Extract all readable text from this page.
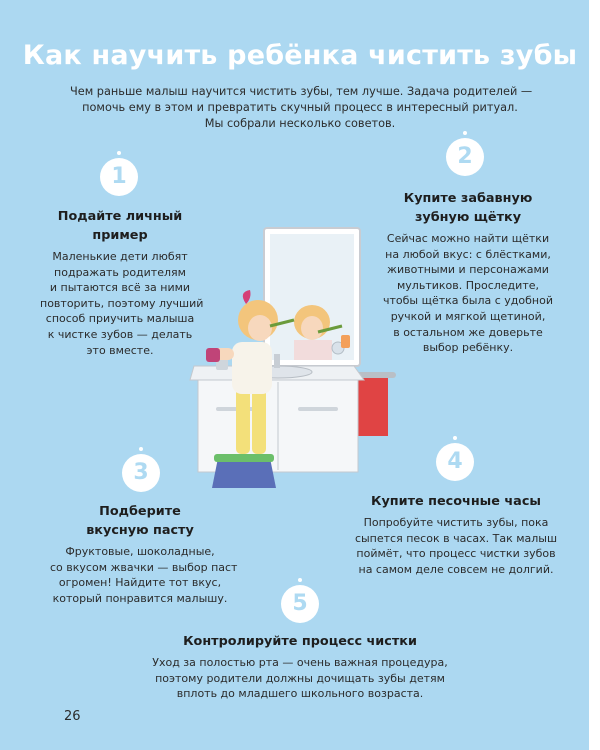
Как научить ребёнка чистить зубы
Чем раньше малыш научится чистить зубы, тем лучше. Задача родителей —
помочь ему в этом и превратить скучный процесс в интересный ритуал.
Мы собрали несколько советов.
1
Подайте личный
пример
Маленькие дети любят
подражать родителям
и пытаются всё за ними
повторить, поэтому лучший
способ приучить малыша
к чистке зубов — делать
это вместе.
2
Купите забавную
зубную щётку
Сейчас можно найти щётки
на любой вкус: с блёстками,
животными и персонажами
мультиков. Проследите,
чтобы щётка была с удобной
ручкой и мягкой щетиной,
в остальном же доверьте
выбор ребёнку.
3
Подберите
вкусную пасту
Фруктовые, шоколадные,
со вкусом жвачки — выбор паст
огромен! Найдите тот вкус,
который понравится малышу.
4
Купите песочные часы
Попробуйте чистить зубы, пока
сыпется песок в часах. Так малыш
поймёт, что процесс чистки зубов
на самом деле совсем не долгий.
5
Контролируйте процесс чистки
Уход за полостью рта — очень важная процедура,
поэтому родители должны дочищать зубы детям
вплоть до младшего школьного возраста.
26
